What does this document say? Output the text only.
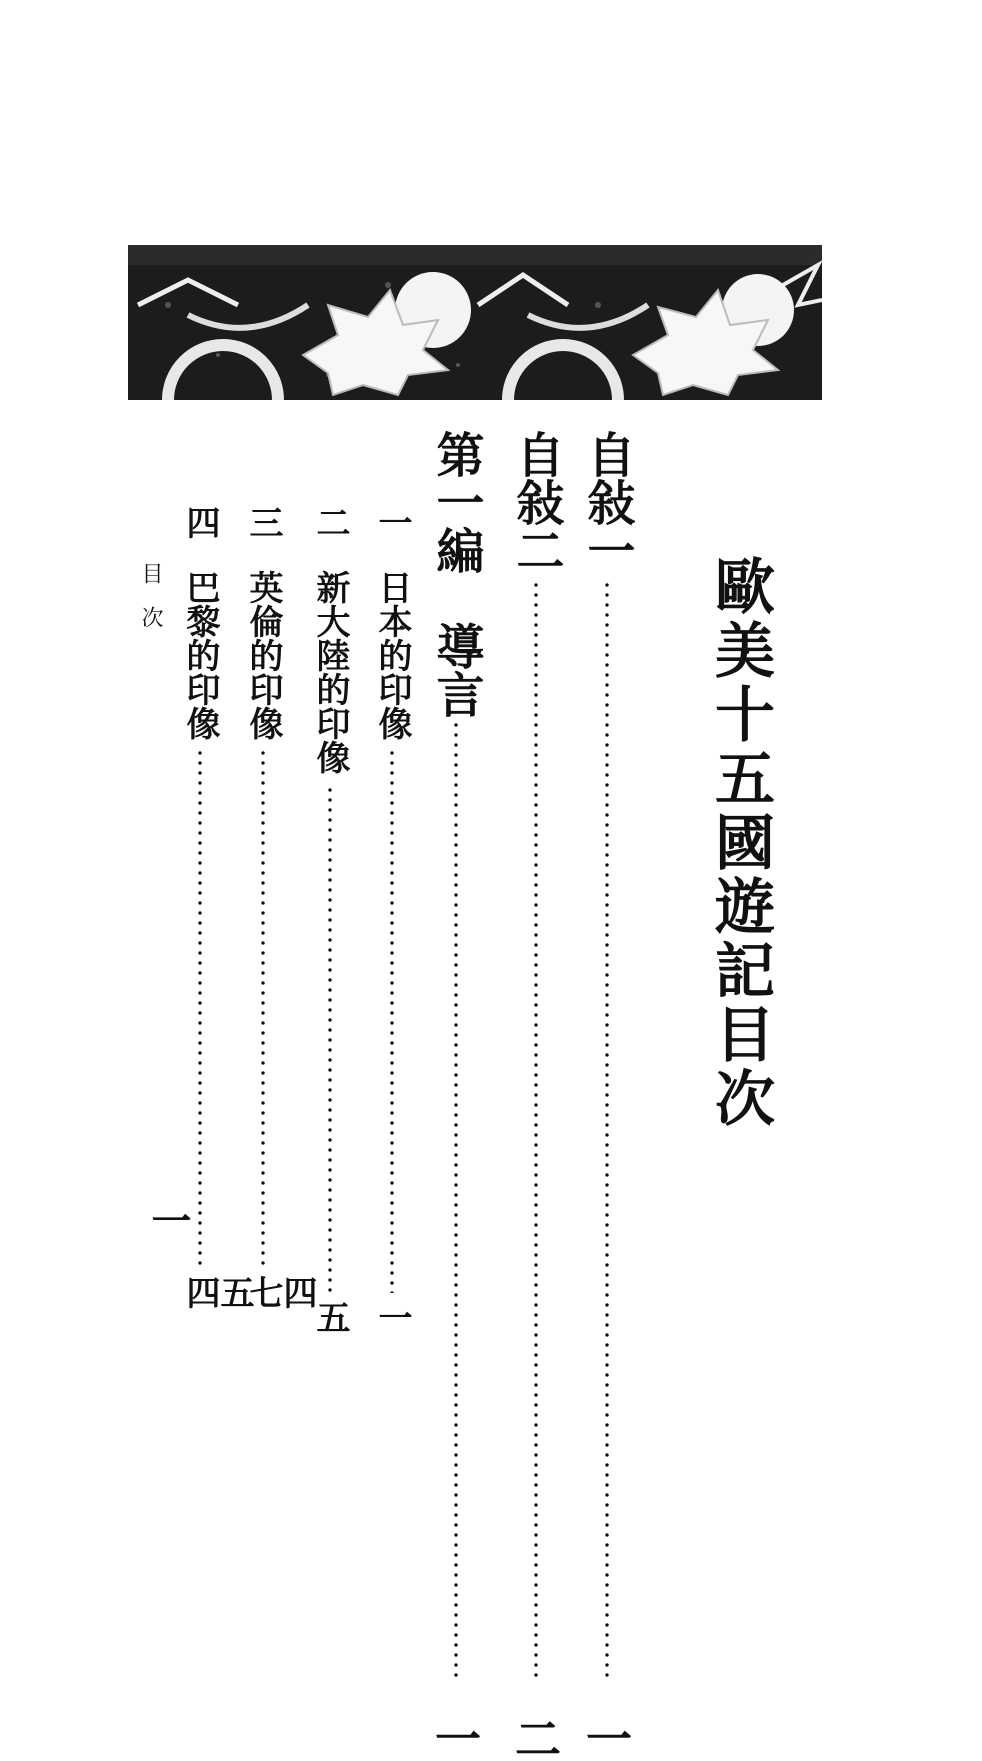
歐美十五國遊記目次
自敍一
一
自敍二
二
第一編　導言
一
一
日本的印像
一
二
新大陸的印像
五
三
英倫的印像
四七
四
巴黎的印像
五四
目次
一
